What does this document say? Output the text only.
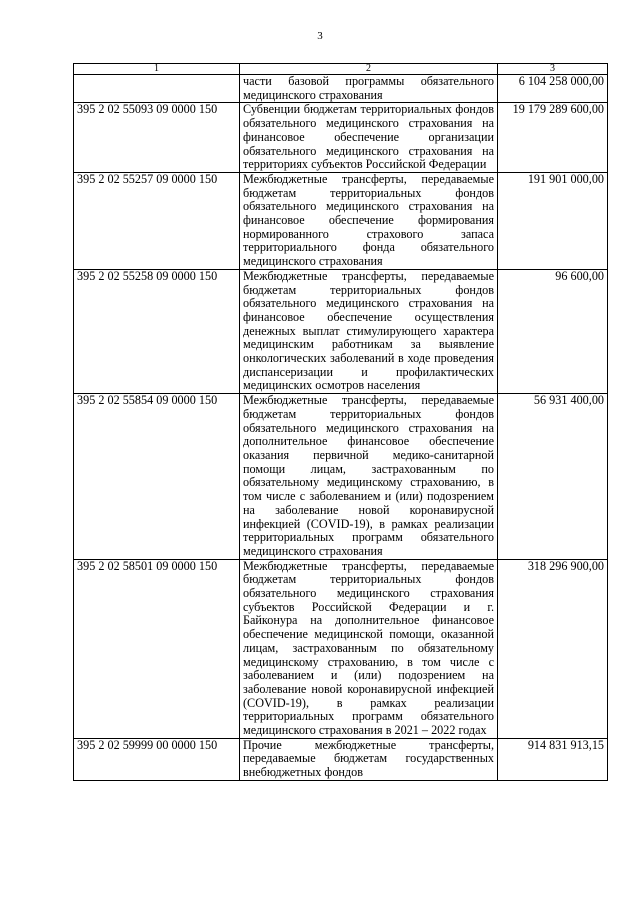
3
1	2	3
	части базовой программы обязательного медицинского страхования	6 104 258 000,00
395 2 02 55093 09 0000 150	Субвенции бюджетам территориальных фондов обязательного медицинского страхования на финансовое обеспечение организации обязательного медицинского страхования на территориях субъектов Российской Федерации	19 179 289 600,00
395 2 02 55257 09 0000 150	Межбюджетные трансферты, передаваемые бюджетам территориальных фондов обязательного медицинского страхования на финансовое обеспечение формирования нормированного страхового запаса территориального фонда обязательного медицинского страхования	191 901 000,00
395 2 02 55258 09 0000 150	Межбюджетные трансферты, передаваемые бюджетам территориальных фондов обязательного медицинского страхования на финансовое обеспечение осуществления денежных выплат стимулирующего характера медицинским работникам за выявление онкологических заболеваний в ходе проведения диспансеризации и профилактических медицинских осмотров населения	96 600,00
395 2 02 55854 09 0000 150	Межбюджетные трансферты, передаваемые бюджетам территориальных фондов обязательного медицинского страхования на дополнительное финансовое обеспечение оказания первичной медико-санитарной помощи лицам, застрахованным по обязательному медицинскому страхованию, в том числе с заболеванием и (или) подозрением на заболевание новой коронавирусной инфекцией (COVID-19), в рамках реализации территориальных программ обязательного медицинского страхования	56 931 400,00
395 2 02 58501 09 0000 150	Межбюджетные трансферты, передаваемые бюджетам территориальных фондов обязательного медицинского страхования субъектов Российской Федерации и г. Байконура на дополнительное финансовое обеспечение медицинской помощи, оказанной лицам, застрахованным по обязательному медицинскому страхованию, в том числе с заболеванием и (или) подозрением на заболевание новой коронавирусной инфекцией (COVID-19), в рамках реализации территориальных программ обязательного медицинского страхования в 2021 – 2022 годах	318 296 900,00
395 2 02 59999 00 0000 150	Прочие межбюджетные трансферты, передаваемые бюджетам государственных внебюджетных фондов	914 831 913,15
